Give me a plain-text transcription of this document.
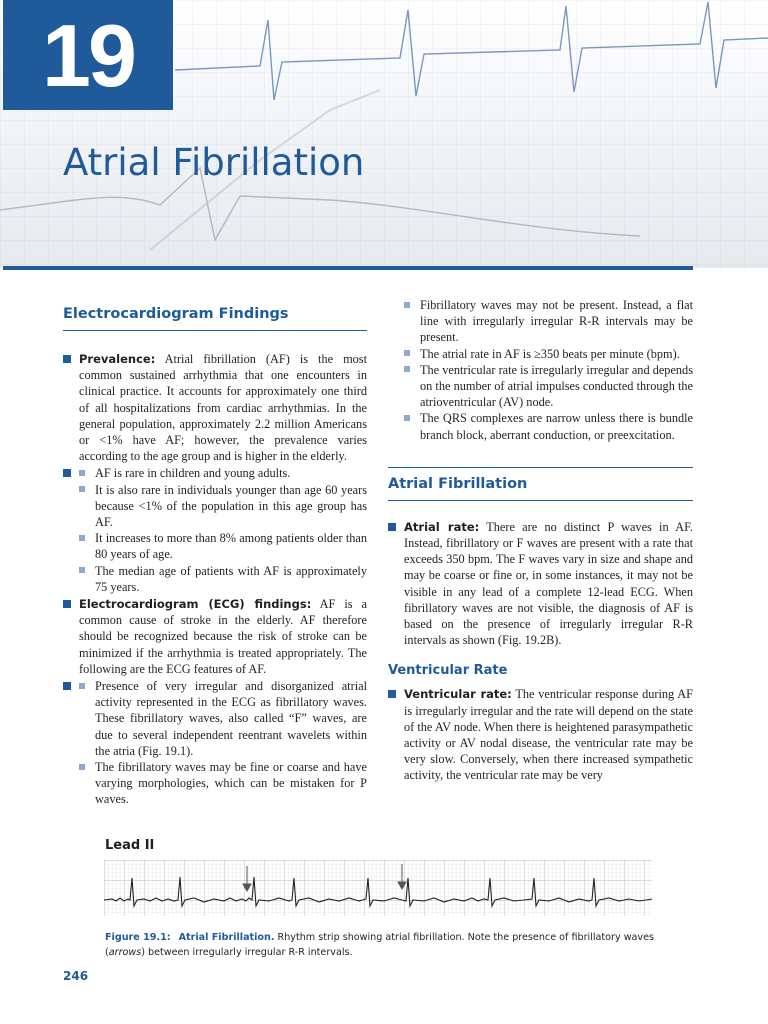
19
Atrial Fibrillation
Electrocardiogram Findings
Prevalence: Atrial fibrillation (AF) is the most common sustained arrhythmia that one encounters in clinical practice. It accounts for approximately one third of all hospitalizations from cardiac arrhythmias. In the general population, approximately 2.2 million Americans or <1% have AF; however, the prevalence varies according to the age group and is higher in the elderly.
AF is rare in children and young adults.
It is also rare in individuals younger than age 60 years because <1% of the population in this age group has AF.
It increases to more than 8% among patients older than 80 years of age.
The median age of patients with AF is approximately 75 years.
Electrocardiogram (ECG) findings: AF is a common cause of stroke in the elderly. AF therefore should be recognized because the risk of stroke can be minimized if the arrhythmia is treated appropriately. The following are the ECG features of AF.
Presence of very irregular and disorganized atrial activity represented in the ECG as fibrillatory waves. These fibrillatory waves, also called “F” waves, are due to several independent reentrant wavelets within the atria (Fig. 19.1).
The fibrillatory waves may be fine or coarse and have varying morphologies, which can be mistaken for P waves.
Fibrillatory waves may not be present. Instead, a flat line with irregularly irregular R-R intervals may be present.
The atrial rate in AF is ≥350 beats per minute (bpm).
The ventricular rate is irregularly irregular and depends on the number of atrial impulses conducted through the atrioventricular (AV) node.
The QRS complexes are narrow unless there is bundle branch block, aberrant conduction, or preexcitation.
Atrial Fibrillation
Atrial rate: There are no distinct P waves in AF. Instead, fibrillatory or F waves are present with a rate that exceeds 350 bpm. The F waves vary in size and shape and may be coarse or fine or, in some instances, it may not be visible in any lead of a complete 12-lead ECG. When fibrillatory waves are not visible, the diagnosis of AF is based on the presence of irregularly irregular R-R intervals as shown (Fig. 19.2B).
Ventricular Rate
Ventricular rate: The ventricular response during AF is irregularly irregular and the rate will depend on the state of the AV node. When there is heightened parasympathetic activity or AV nodal disease, the ventricular rate may be very slow. Conversely, when there increased sympathetic activity, the ventricular rate may be very
Lead II
Figure 19.1: Atrial Fibrillation. Rhythm strip showing atrial fibrillation. Note the presence of fibrillatory waves (arrows) between irregularly irregular R-R intervals.
246
